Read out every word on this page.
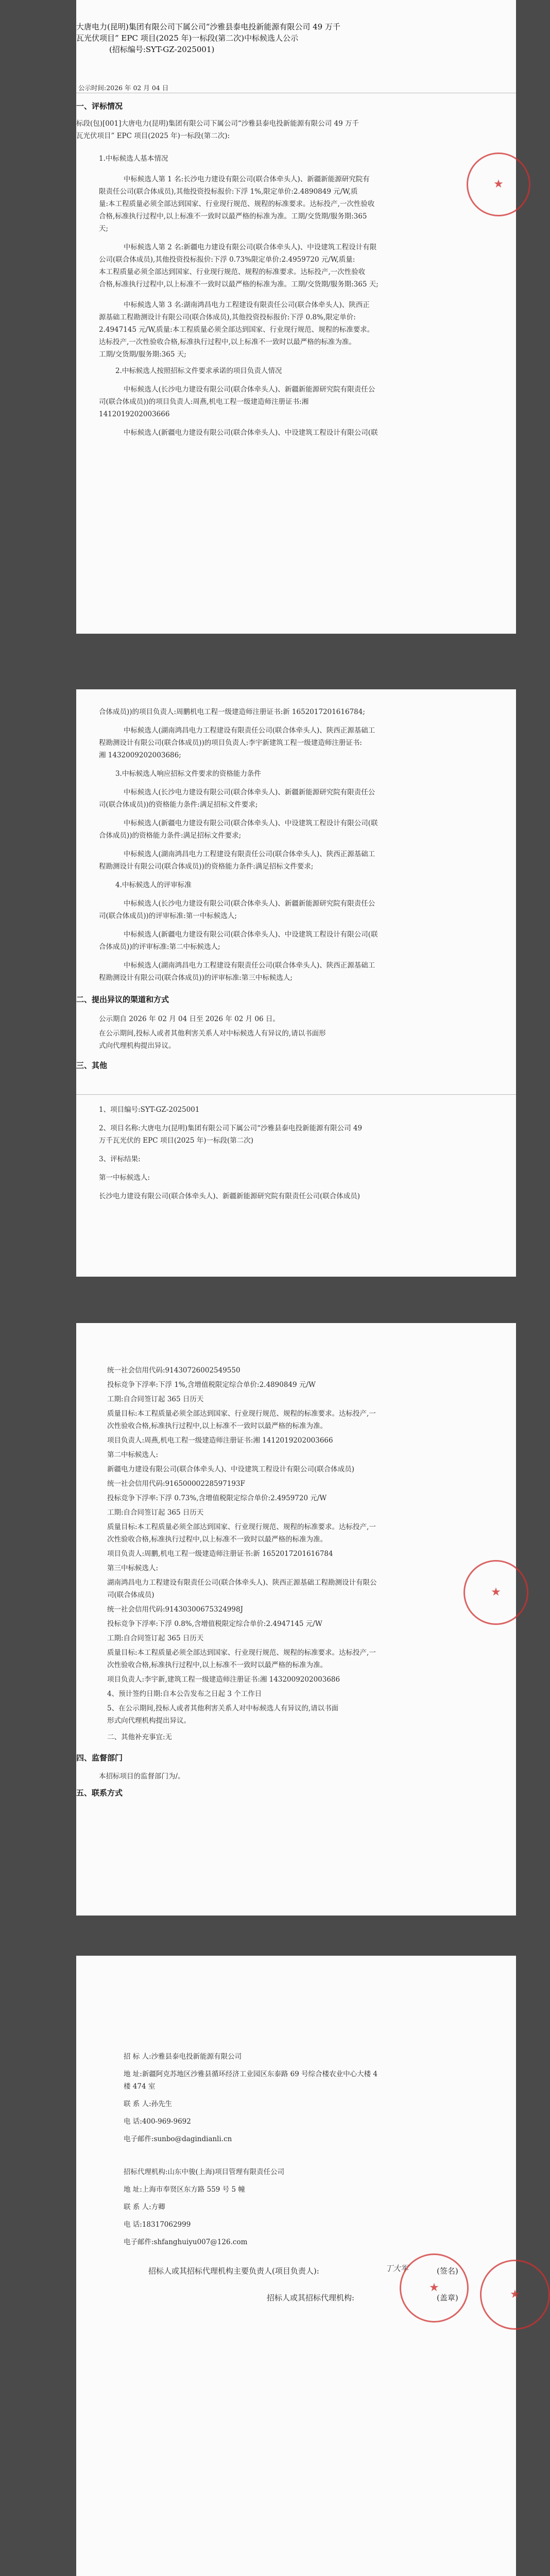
大唐电力(昆明)集团有限公司下属公司“沙雅县泰电投新能源有限公司 49 万千
瓦光伏项目” EPC 项目(2025 年)一标段(第二次)中标候选人公示
(招标编号:SYT-GZ-2025001)
公示时间:2026 年 02 月 04 日
一、评标情况
标段(包)[001]大唐电力(昆明)集团有限公司下属公司“沙雅县泰电投新能源有限公司 49 万千
瓦光伏项目” EPC 项目(2025 年)一标段(第二次):
1.中标候选人基本情况
中标候选人第 1 名:长沙电力建设有限公司(联合体牵头人)、新疆新能源研究院有
限责任公司(联合体成员),其他投资投标报价:下浮 1%,限定单价:2.4890849 元/W,质
量:本工程质量必须全部达到国家、行业现行规范、规程的标准要求。达标投产,一次性验收
合格,标准执行过程中,以上标准不一致时以最严格的标准为准。工期/交货期/服务期:365
天;
中标候选人第 2 名:新疆电力建设有限公司(联合体牵头人)、中设建筑工程设计有限
公司(联合体成员),其他投资投标报价:下浮 0.73%限定单价:2.4959720 元/W,质量:
本工程质量必须全部达到国家、行业现行规范、规程的标准要求。达标投产,一次性验收
合格,标准执行过程中,以上标准不一致时以最严格的标准为准。工期/交货期/服务期:365 天;
中标候选人第 3 名:湖南鸿昌电力工程建设有限责任公司(联合体牵头人)、陕西正
源基础工程勘测设计有限公司(联合体成员),其他投资投标报价:下浮 0.8%,限定单价:
2.4947145 元/W,质量:本工程质量必须全部达到国家、行业现行规范、规程的标准要求。
达标投产,一次性验收合格,标准执行过程中,以上标准不一致时以最严格的标准为准。
工期/交货期/服务期:365 天;
2.中标候选人按照招标文件要求承诺的项目负责人情况
中标候选人(长沙电力建设有限公司(联合体牵头人)、新疆新能源研究院有限责任公
司(联合体成员))的项目负责人:周燕,机电工程一级建造师注册证书:湘
1412019202003666
中标候选人(新疆电力建设有限公司(联合体牵头人)、中设建筑工程设计有限公司(联
★
合体成员))的项目负责人:周鹏机电工程一级建造师注册证书:新 1652017201616784;
中标候选人(湖南鸿昌电力工程建设有限责任公司(联合体牵头人)、陕西正源基础工
程勘测设计有限公司(联合体成员))的项目负责人:李宇新建筑工程一级建造师注册证书:
湘 1432009202003686;
3.中标候选人响应招标文件要求的资格能力条件
中标候选人(长沙电力建设有限公司(联合体牵头人)、新疆新能源研究院有限责任公
司(联合体成员))的资格能力条件:满足招标文件要求;
中标候选人(新疆电力建设有限公司(联合体牵头人)、中设建筑工程设计有限公司(联
合体成员))的资格能力条件:满足招标文件要求;
中标候选人(湖南鸿昌电力工程建设有限责任公司(联合体牵头人)、陕西正源基础工
程勘测设计有限公司(联合体成员))的资格能力条件:满足招标文件要求;
4.中标候选人的评审标准
中标候选人(长沙电力建设有限公司(联合体牵头人)、新疆新能源研究院有限责任公
司(联合体成员))的评审标准:第一中标候选人;
中标候选人(新疆电力建设有限公司(联合体牵头人)、中设建筑工程设计有限公司(联
合体成员))的评审标准:第二中标候选人;
中标候选人(湖南鸿昌电力工程建设有限责任公司(联合体牵头人)、陕西正源基础工
程勘测设计有限公司(联合体成员))的评审标准:第三中标候选人;
二、提出异议的渠道和方式
公示期自 2026 年 02 月 04 日至 2026 年 02 月 06 日。
在公示期间,投标人或者其他利害关系人对中标候选人有异议的,请以书面形
式向代理机构提出异议。
三、其他
1、项目编号:SYT-GZ-2025001
2、项目名称:大唐电力(昆明)集团有限公司下属公司“沙雅县泰电投新能源有限公司 49
万千瓦光伏的 EPC 项目(2025 年)一标段(第二次)
3、评标结果:
第一中标候选人:
长沙电力建设有限公司(联合体牵头人)、新疆新能源研究院有限责任公司(联合体成员)
统一社会信用代码:91430726002549550
投标竞争下浮率:下浮 1%,含增值税限定综合单价:2.4890849 元/W
工期:自合同签订起 365 日历天
质量目标:本工程质量必须全部达到国家、行业现行规范、规程的标准要求。达标投产,一
次性验收合格,标准执行过程中,以上标准不一致时以最严格的标准为准。
项目负责人:周燕,机电工程一级建造师注册证书:湘 1412019202003666
第二中标候选人:
新疆电力建设有限公司(联合体牵头人)、中设建筑工程设计有限公司(联合体成员)
统一社会信用代码:91650000228597193F
投标竞争下浮率:下浮 0.73%,含增值税限定综合单价:2.4959720 元/W
工期:自合同签订起 365 日历天
质量目标:本工程质量必须全部达到国家、行业现行规范、规程的标准要求。达标投产,一
次性验收合格,标准执行过程中,以上标准不一致时以最严格的标准为准。
项目负责人:周鹏,机电工程一级建造师注册证书:新 1652017201616784
第三中标候选人:
湖南鸿昌电力工程建设有限责任公司(联合体牵头人)、陕西正源基础工程勘测设计有限公
司(联合体成员)
统一社会信用代码:91430300675324998J
投标竞争下浮率:下浮 0.8%,含增值税限定综合单价:2.4947145 元/W
工期:自合同签订起 365 日历天
质量目标:本工程质量必须全部达到国家、行业现行规范、规程的标准要求。达标投产,一
次性验收合格,标准执行过程中,以上标准不一致时以最严格的标准为准。
项目负责人:李宇新,建筑工程一级建造师注册证书:湘 1432009202003686
4、预计签约日期:自本公告发布之日起 3 个工作日
5、在公示期间,投标人或者其他利害关系人对中标候选人有异议的,请以书面
形式向代理机构提出异议。
二、其他补充事宜:无
四、监督部门
本招标项目的监督部门为/。
五、联系方式
★
招 标 人:沙雅县泰电投新能源有限公司
地 址:新疆阿克苏地区沙雅县循环经济工业园区东泰路 69 号综合楼农业中心大楼 4
楼 474 室
联 系 人:孙先生
电 话:400-969-9692
电子邮件:sunbo@dagindianli.cn
招标代理机构:山东中骏(上海)项目管理有限责任公司
地 址:上海市奉贤区东方路 559 号 5 幢
联 系 人:方卿
电 话:18317062999
电子邮件:shfanghuiyu007@126.com
招标人或其招标代理机构主要负责人(项目负责人):	丁大军	(签名)
招标人或其招标代理机构:	(盖章)
★
★
